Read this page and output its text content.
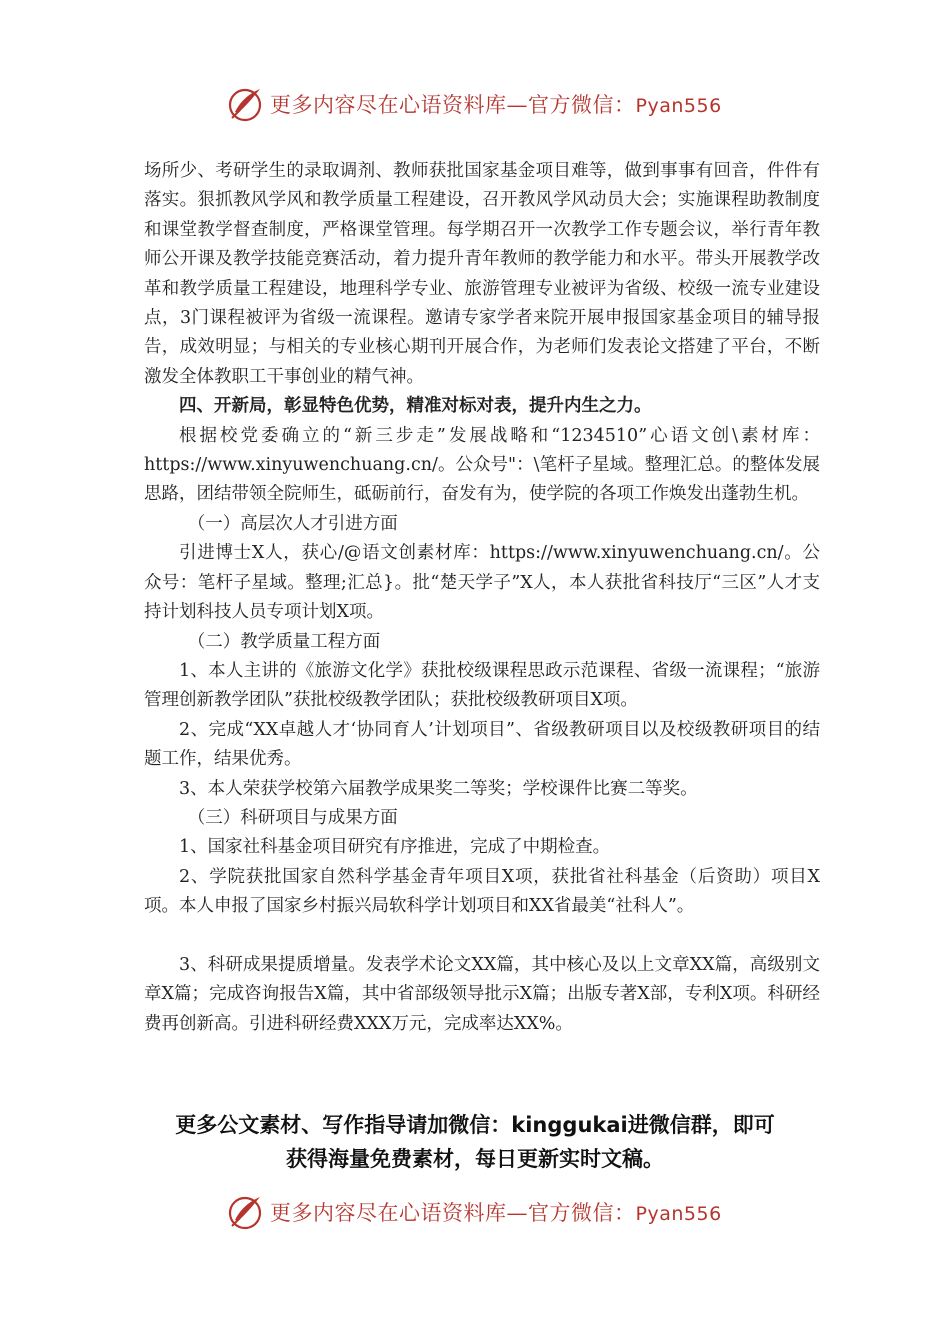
更多内容尽在心语资料库—官方微信：Pyan556

场所少、考研学生的录取调剂、教师获批国家基金项目难等，做到事事有回音，件件有落实。狠抓教风学风和教学质量工程建设，召开教风学风动员大会；实施课程助教制度和课堂教学督查制度，严格课堂管理。每学期召开一次教学工作专题会议，举行青年教师公开课及教学技能竞赛活动，着力提升青年教师的教学能力和水平。带头开展教学改革和教学质量工程建设，地理科学专业、旅游管理专业被评为省级、校级一流专业建设点，3门课程被评为省级一流课程。邀请专家学者来院开展申报国家基金项目的辅导报告，成效明显；与相关的专业核心期刊开展合作，为老师们发表论文搭建了平台，不断激发全体教职工干事创业的精气神。

四、开新局，彰显特色优势，精准对标对表，提升内生之力。

根据校党委确立的“新三步走”发展战略和“1234510”心语文创\素材库：https://www.xinyuwenchuang.cn/。公众号"：\笔杆子星域。整理汇总。的整体发展思路，团结带领全院师生，砥砺前行，奋发有为，使学院的各项工作焕发出蓬勃生机。

（一）高层次人才引进方面

引进博士X人，获心/@语文创素材库：https://www.xinyuwenchuang.cn/。公众号：笔杆子星域。整理;汇总}。批“楚天学子”X人，本人获批省科技厅“三区”人才支持计划科技人员专项计划X项。

（二）教学质量工程方面

1、本人主讲的《旅游文化学》获批校级课程思政示范课程、省级一流课程；“旅游管理创新教学团队”获批校级教学团队；获批校级教研项目X项。

2、完成“XX卓越人才‘协同育人’计划项目”、省级教研项目以及校级教研项目的结题工作，结果优秀。

3、本人荣获学校第六届教学成果奖二等奖；学校课件比赛二等奖。

（三）科研项目与成果方面

1、国家社科基金项目研究有序推进，完成了中期检查。

2、学院获批国家自然科学基金青年项目X项，获批省社科基金（后资助）项目X项。本人申报了国家乡村振兴局软科学计划项目和XX省最美“社科人”。

3、科研成果提质增量。发表学术论文XX篇，其中核心及以上文章XX篇，高级别文章X篇；完成咨询报告X篇，其中省部级领导批示X篇；出版专著X部，专利X项。科研经费再创新高。引进科研经费XXX万元，完成率达XX%。

更多公文素材、写作指导请加微信：kinggukai进微信群，即可
获得海量免费素材，每日更新实时文稿。
更多内容尽在心语资料库—官方微信：Pyan556
